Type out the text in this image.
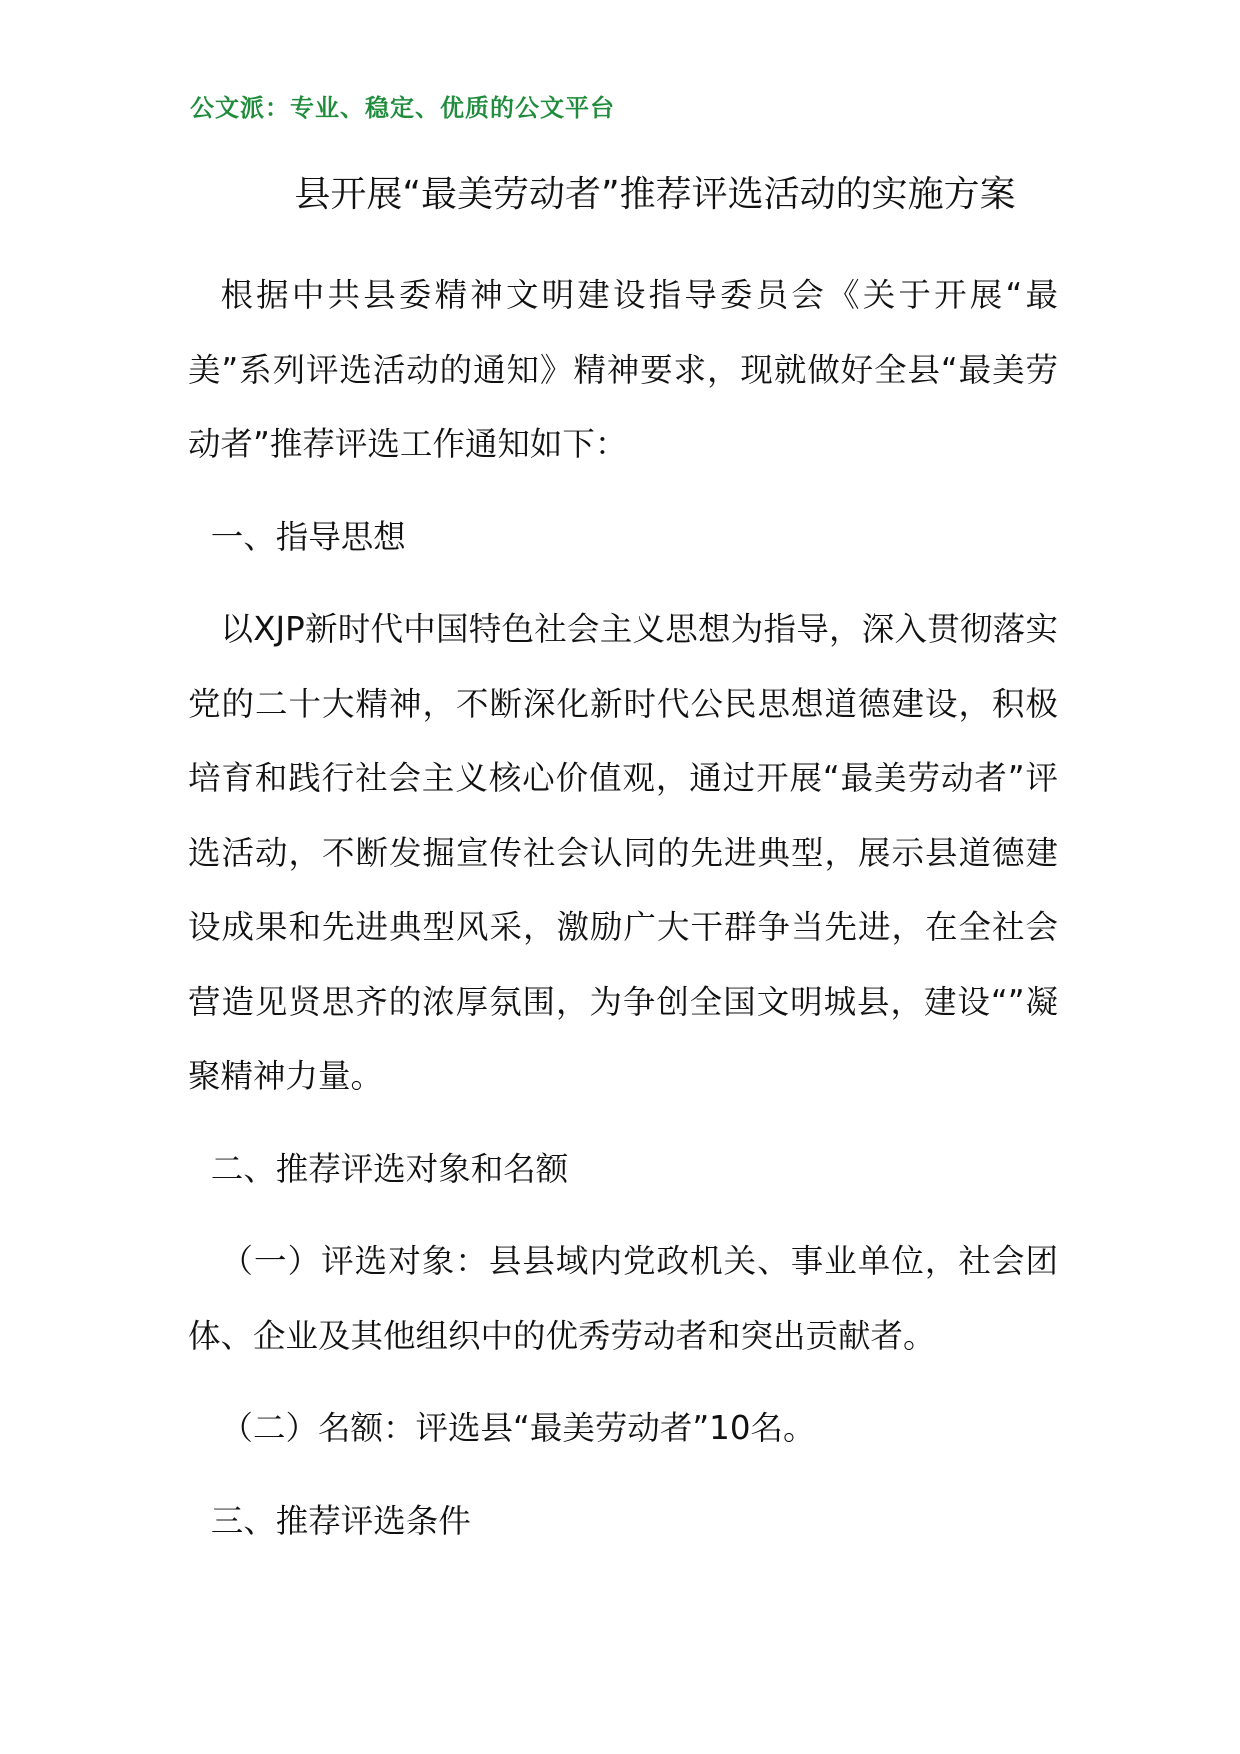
公文派：专业、稳定、优质的公文平台
县开展“最美劳动者”推荐评选活动的实施方案

根据中共县委精神文明建设指导委员会《关于开展“最美”系列评选活动的通知》精神要求，现就做好全县“最美劳动者”推荐评选工作通知如下：

一、指导思想

以XJP新时代中国特色社会主义思想为指导，深入贯彻落实党的二十大精神，不断深化新时代公民思想道德建设，积极培育和践行社会主义核心价值观，通过开展“最美劳动者”评选活动，不断发掘宣传社会认同的先进典型，展示县道德建设成果和先进典型风采，激励广大干群争当先进，在全社会营造见贤思齐的浓厚氛围，为争创全国文明城县，建设“”凝聚精神力量。

二、推荐评选对象和名额

（一）评选对象：县县域内党政机关、事业单位，社会团体、企业及其他组织中的优秀劳动者和突出贡献者。

（二）名额：评选县“最美劳动者”10名。

三、推荐评选条件
